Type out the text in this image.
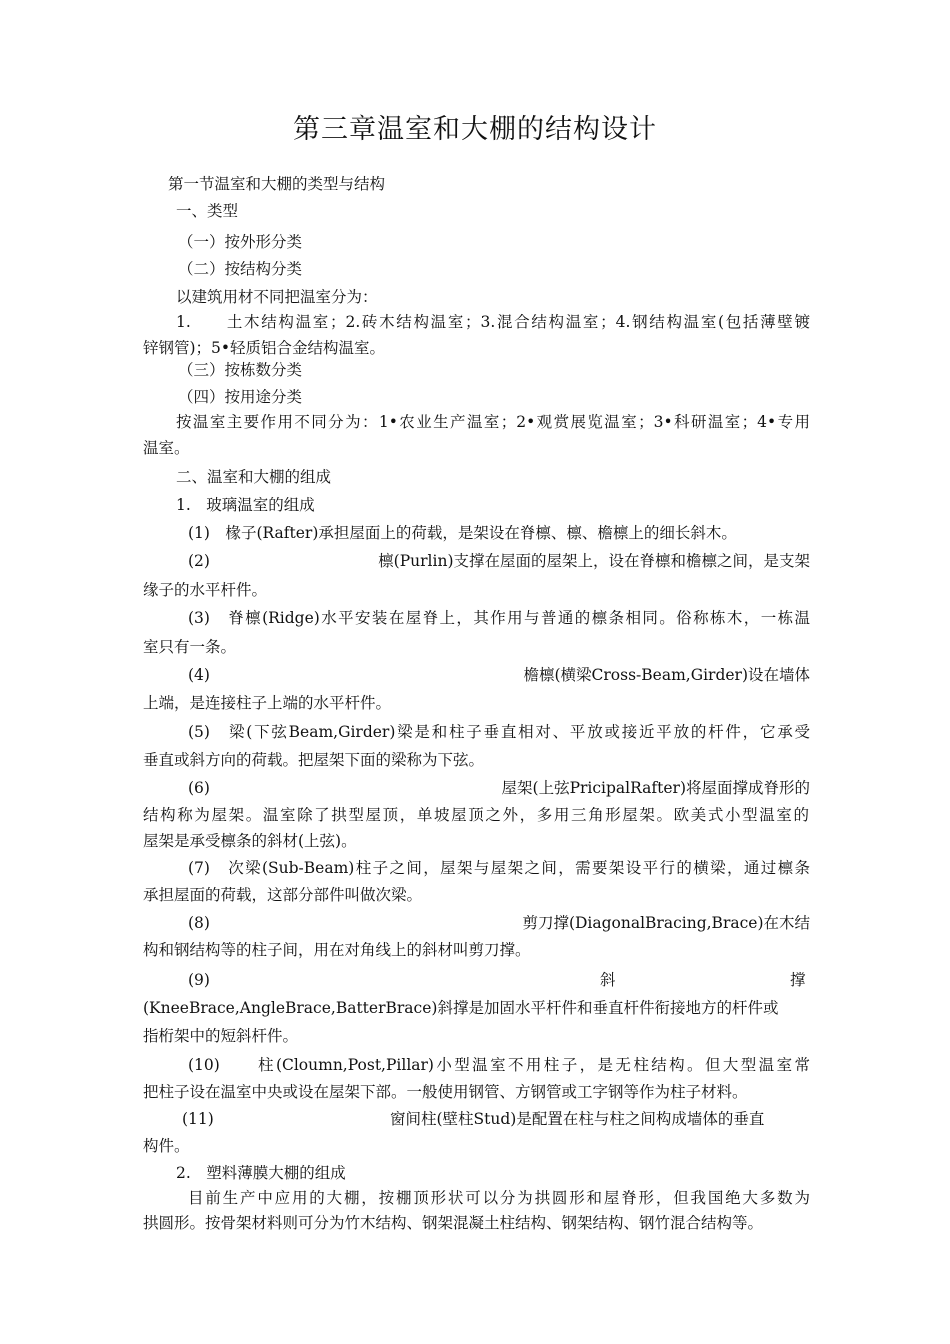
第三章温室和大棚的结构设计
第一节温室和大棚的类型与结构
一、类型
（一）按外形分类
（二）按结构分类
以建筑用材不同把温室分为：
1.　　土木结构温室；2.砖木结构温室；3.混合结构温室；4.钢结构温室(包括薄壁镀
锌钢管)；5•轻质铝合金结构温室。
（三）按栋数分类
（四）按用途分类
按温室主要作用不同分为：1•农业生产温室；2•观赏展览温室；3•科研温室；4•专用
温室。
二、温室和大棚的组成
1.　玻璃温室的组成
(1)　椽子(Rafter)承担屋面上的荷载，是架设在脊檩、檩、檐檩上的细长斜木。
(2)	檩(Purlin)支撑在屋面的屋架上，设在脊檩和檐檩之间，是支架
缘子的水平杆件。
(3)　脊檩(Ridge)水平安装在屋脊上，其作用与普通的檩条相同。俗称栋木，一栋温
室只有一条。
(4)	檐檩(横梁Cross-Beam,Girder)设在墙体
上端，是连接柱子上端的水平杆件。
(5)　梁(下弦Beam,Girder)梁是和柱子垂直相对、平放或接近平放的杆件，它承受
垂直或斜方向的荷载。把屋架下面的梁称为下弦。
(6)	屋架(上弦PricipalRafter)将屋面撑成脊形的
结构称为屋架。温室除了拱型屋顶，单坡屋顶之外，多用三角形屋架。欧美式小型温室的
屋架是承受檩条的斜材(上弦)。
(7)　次梁(Sub-Beam)柱子之间，屋架与屋架之间，需要架设平行的横梁，通过檩条
承担屋面的荷载，这部分部件叫做次梁。
(8)	剪刀撑(DiagonalBracing,Brace)在木结
构和钢结构等的柱子间，用在对角线上的斜材叫剪刀撑。
(9)	斜	撑
(KneeBrace,AngleBrace,BatterBrace)斜撑是加固水平杆件和垂直杆件衔接地方的杆件或
指桁架中的短斜杆件。
(10)　　柱(Cloumn,Post,Pillar)小型温室不用柱子，是无柱结构。但大型温室常
把柱子设在温室中央或设在屋架下部。一般使用钢管、方钢管或工字钢等作为柱子材料。
(11)	窗间柱(壁柱Stud)是配置在柱与柱之间构成墙体的垂直
构件。
2.　塑料薄膜大棚的组成
目前生产中应用的大棚，按棚顶形状可以分为拱圆形和屋脊形，但我国绝大多数为
拱圆形。按骨架材料则可分为竹木结构、钢架混凝土柱结构、钢架结构、钢竹混合结构等。
